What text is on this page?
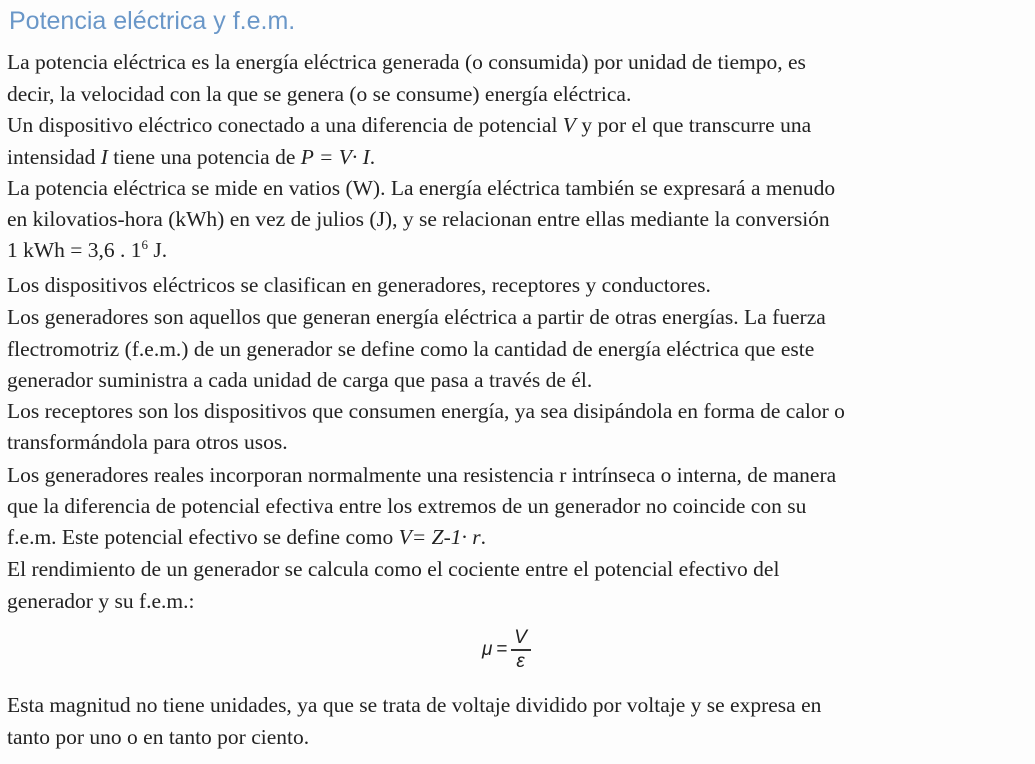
Potencia eléctrica y f.e.m.

La potencia eléctrica es la energía eléctrica generada (o consumida) por unidad de tiempo, es

decir, la velocidad con la que se genera (o se consume) energía eléctrica.

Un dispositivo eléctrico conectado a una diferencia de potencial V y por el que transcurre una

intensidad I tiene una potencia de P = V· I.

La potencia eléctrica se mide en vatios (W). La energía eléctrica también se expresará a menudo

en kilovatios-hora (kWh) en vez de julios (J), y se relacionan entre ellas mediante la conversión

1 kWh = 3,6 . $1^6$ J.

Los dispositivos eléctricos se clasifican en generadores, receptores y conductores.

Los generadores son aquellos que generan energía eléctrica a partir de otras energías. La fuerza

flectromotriz (f.e.m.) de un generador se define como la cantidad de energía eléctrica que este

generador suministra a cada unidad de carga que pasa a través de él.

Los receptores son los dispositivos que consumen energía, ya sea disipándola en forma de calor o

transformándola para otros usos.

Los generadores reales incorporan normalmente una resistencia r intrínseca o interna, de manera

que la diferencia de potencial efectiva entre los extremos de un generador no coincide con su

f.e.m. Este potencial efectivo se define como V= Z-1· r.

El rendimiento de un generador se calcula como el cociente entre el potencial efectivo del

generador y su f.e.m.:

$\mu = \frac{V}{\varepsilon}$

Esta magnitud no tiene unidades, ya que se trata de voltaje dividido por voltaje y se expresa en

tanto por uno o en tanto por ciento.
